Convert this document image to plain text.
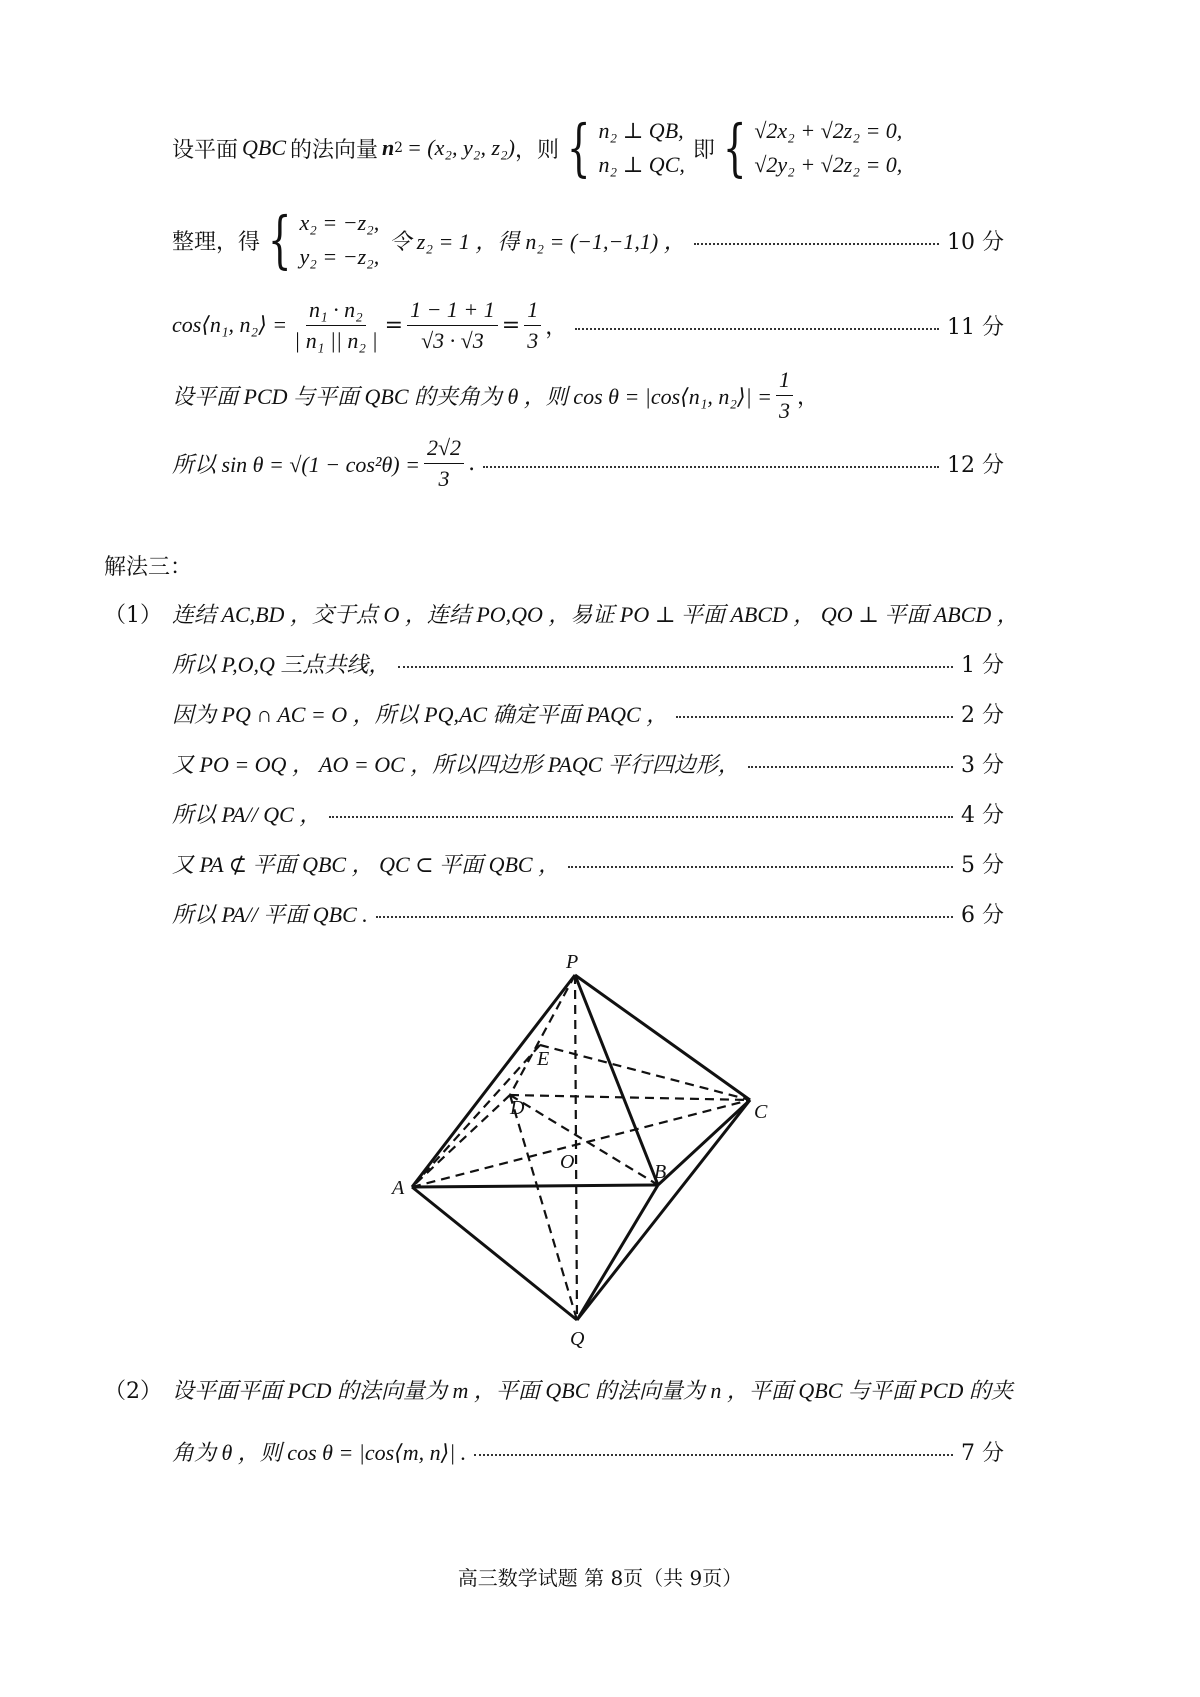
设平面 QBC 的法向量 n 2 = (x₂, y₂, z₂) ，则 { n₂ ⊥ QB,
n₂ ⊥ QC,
即 { √2x₂ + √2z₂ = 0,
√2y₂ + √2z₂ = 0,
整理，得 { x₂ = −z₂,
y₂ = −z₂,
令 z₂ = 1 ，得 n₂ = (−1,−1,1) ，	10 分
cos⟨n₁, n₂⟩ = $\frac{\text{n₁ · n₂}}{\text{| n₁ || n₂ |}} = \frac{1 - 1 + 1}{√3 \cdot √3} = \frac{1}{3}$ ，	11 分
设平面 PCD 与平面 QBC 的夹角为 θ ，则 cos θ = |cos⟨n₁, n₂⟩| = $\frac{1}{3}$ ，
所以 $\sin \theta = √(1 - \cos^2\theta) = \frac{2√2}{3}$ .	12 分
解法三：
（1） 连结 AC,BD ，交于点 O ，连结 PO,QO ，易证 PO ⊥ 平面 ABCD ， QO ⊥ 平面 ABCD ，
所以 P,O,Q 三点共线，	1 分
因为 PQ ∩ AC = O ，所以 PQ,AC 确定平面 PAQC ，	2 分
又 PO = OQ ， AO = OC ，所以四边形 PAQC 平行四边形，	3 分
所以 PA// QC ，	4 分
又 PA ⊄ 平面 QBC ， QC ⊂ 平面 QBC ，	5 分
所以 PA// 平面 QBC .	6 分
P
E
D	C
O	B
A
Q
（2） 设平面平面 PCD 的法向量为 m ，平面 QBC 的法向量为 n ，平面 QBC 与平面 PCD 的夹
角为 θ ，则 cos θ = |cos⟨m, n⟩| .	7 分
高三数学试题 第 8页（共 9页）
